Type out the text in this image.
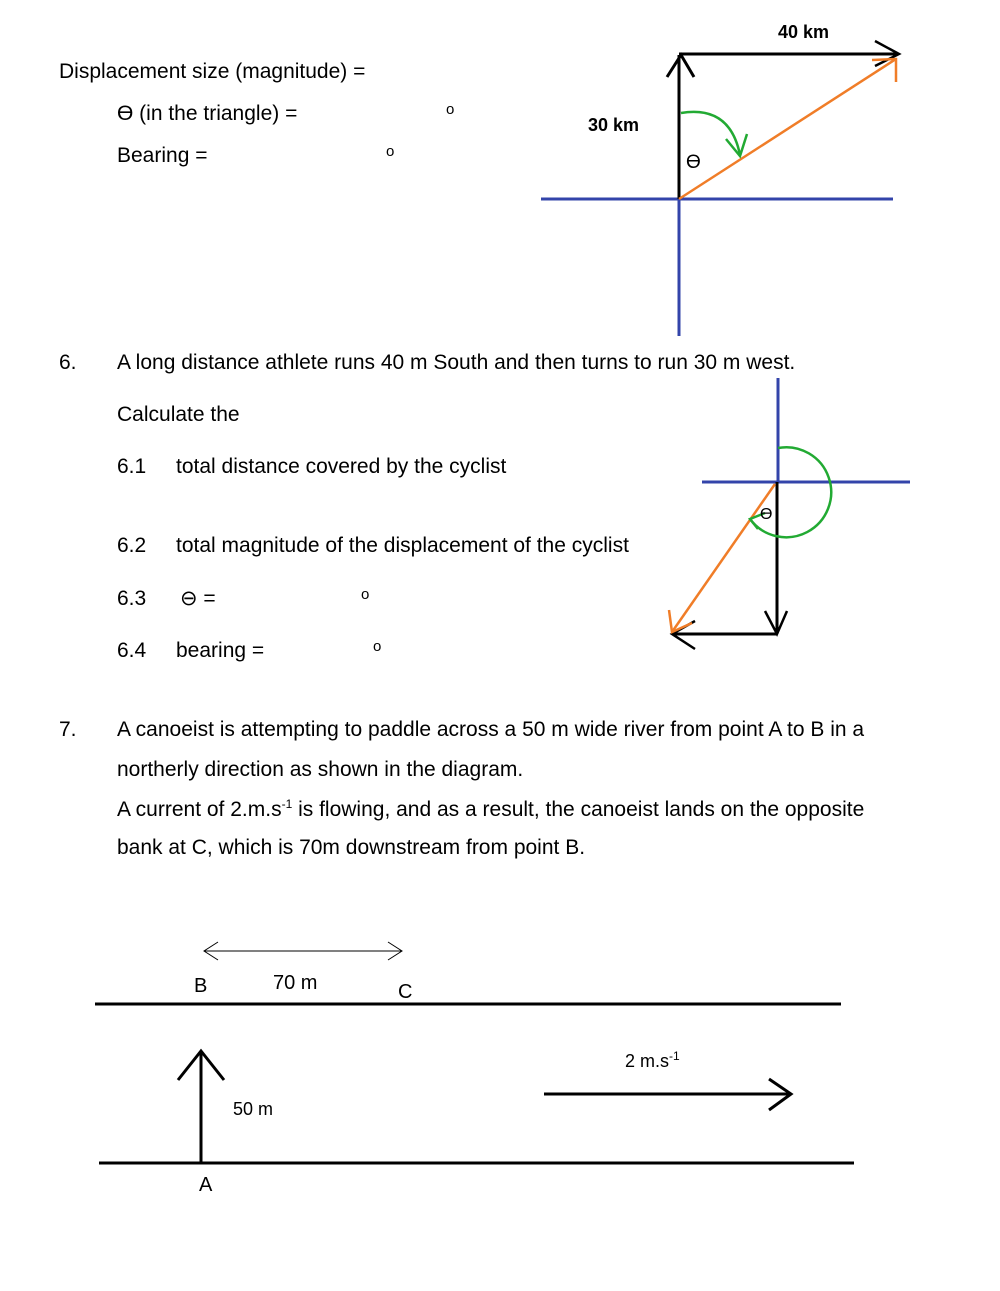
Displacement size (magnitude) =
ϴ (in the triangle) =	o
Bearing =	o
40 km
30 km
ϴ
6. A long distance athlete runs 40 m South and then turns to run 30 m west.
Calculate the
6.1 total distance covered by the cyclist
6.2 total magnitude of the displacement of the cyclist
6.3 ⊖ =	o
6.4 bearing =	o
ϴ
7. A canoeist is attempting to paddle across a 50 m wide river from point A to B in a
northerly direction as shown in the diagram.
A current of $2.m.s^{-1}$ is flowing, and as a result, the canoeist lands on the opposite
bank at C, which is 70m downstream from point B.
B	70 m	C
50 m
A
2 $m.s^{-1}$
